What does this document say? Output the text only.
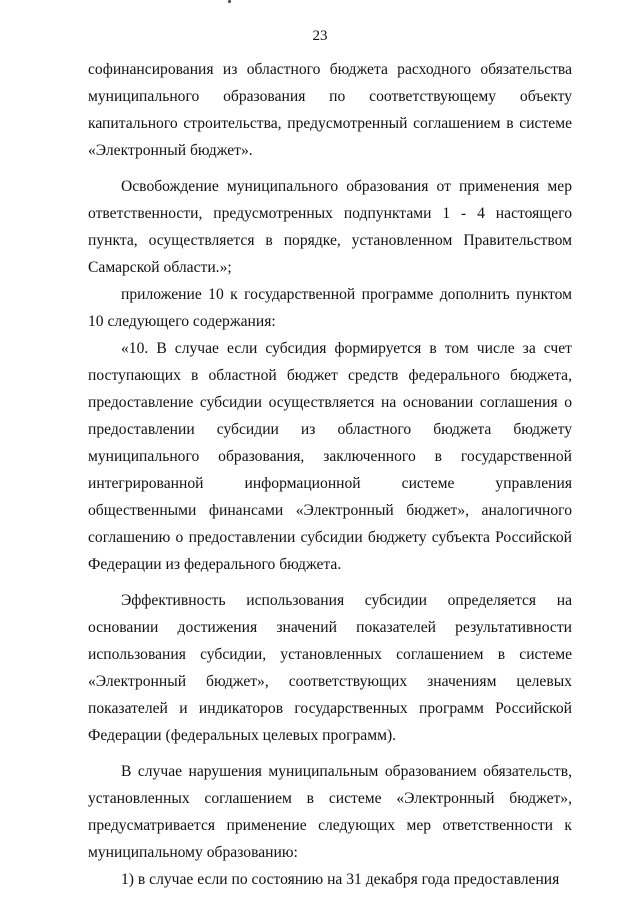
23

софинансирования из областного бюджета расходного обязательства муниципального образования по соответствующему объекту капитального строительства, предусмотренный соглашением в системе «Электронный бюджет».

Освобождение муниципального образования от применения мер ответственности, предусмотренных подпунктами 1 - 4 настоящего пункта, осуществляется в порядке, установленном Правительством Самарской области.»;

приложение 10 к государственной программе дополнить пунктом 10 следующего содержания:

«10. В случае если субсидия формируется в том числе за счет поступающих в областной бюджет средств федерального бюджета, предоставление субсидии осуществляется на основании соглашения о предоставлении субсидии из областного бюджета бюджету муниципального образования, заключенного в государственной интегрированной информационной системе управления общественными финансами «Электронный бюджет», аналогичного соглашению о предоставлении субсидии бюджету субъекта Российской Федерации из федерального бюджета.

Эффективность использования субсидии определяется на основании достижения значений показателей результативности использования субсидии, установленных соглашением в системе «Электронный бюджет», соответствующих значениям целевых показателей и индикаторов государственных программ Российской Федерации (федеральных целевых программ).

В случае нарушения муниципальным образованием обязательств, установленных соглашением в системе «Электронный бюджет», предусматривается применение следующих мер ответственности к муниципальному образованию:

1) в случае если по состоянию на 31 декабря года предоставления
